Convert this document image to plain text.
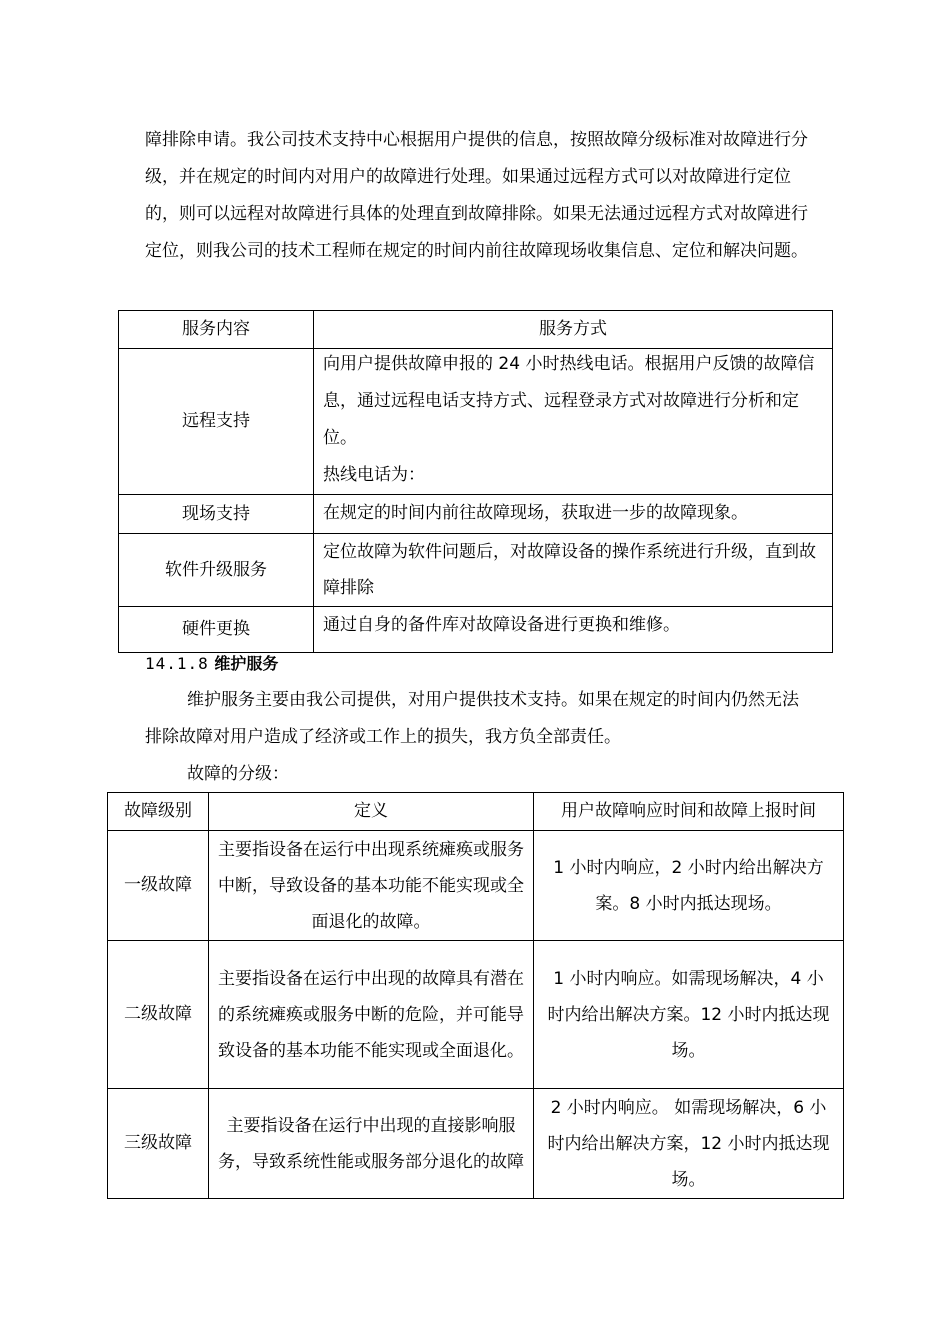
障排除申请。我公司技术支持中心根据用户提供的信息，按照故障分级标准对故障进行分级，并在规定的时间内对用户的故障进行处理。如果通过远程方式可以对故障进行定位的，则可以远程对故障进行具体的处理直到故障排除。如果无法通过远程方式对故障进行定位，则我公司的技术工程师在规定的时间内前往故障现场收集信息、定位和解决问题。

服务内容	服务方式
远程支持	向用户提供故障申报的 24 小时热线电话。根据用户反馈的故障信息，通过远程电话支持方式、远程登录方式对故障进行分析和定位。
热线电话为：

现场支持	在规定的时间内前往故障现场，获取进一步的故障现象。
软件升级服务	定位故障为软件问题后，对故障设备的操作系统进行升级，直到故障排除
硬件更换	通过自身的备件库对故障设备进行更换和维修。

14.1.8 维护服务

维护服务主要由我公司提供，对用户提供技术支持。如果在规定的时间内仍然无法排除故障对用户造成了经济或工作上的损失，我方负全部责任。

故障的分级：

故障级别	定义	用户故障响应时间和故障上报时间
一级故障	主要指设备在运行中出现系统瘫痪或服务中断，导致设备的基本功能不能实现或全面退化的故障。	1 小时内响应，2 小时内给出解决方案。8 小时内抵达现场。
二级故障	主要指设备在运行中出现的故障具有潜在的系统瘫痪或服务中断的危险，并可能导致设备的基本功能不能实现或全面退化。	1 小时内响应。如需现场解决，4 小时内给出解决方案。12 小时内抵达现场。
三级故障	主要指设备在运行中出现的直接影响服务，导致系统性能或服务部分退化的故障	2 小时内响应。 如需现场解决，6 小时内给出解决方案，12 小时内抵达现场。
